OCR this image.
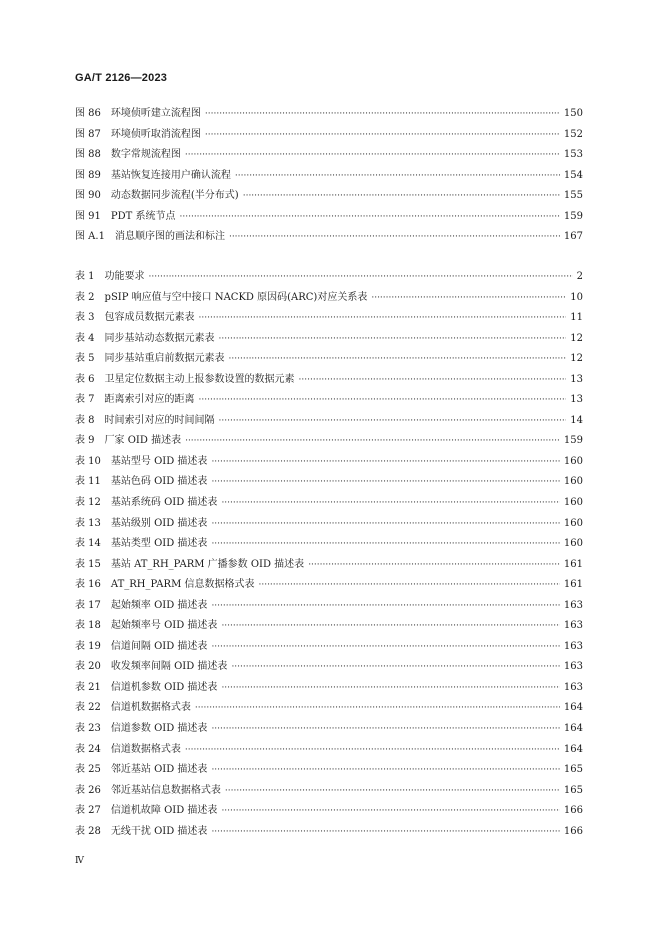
GA/T 2126—2023
图 86 环境侦听建立流程图 ·····	150
图 87 环境侦听取消流程图 ·····	152
图 88 数字常规流程图 ·····	153
图 89 基站恢复连接用户确认流程 ·····	154
图 90 动态数据同步流程(半分布式) ·····	155
图 91 PDT 系统节点 ·····	159
图 A.1 消息顺序图的画法和标注 ·····	167
表 1 功能要求 ·····	2
表 2 pSIP 响应值与空中接口 NACKD 原因码(ARC)对应关系表 ·····	10
表 3 包容成员数据元素表 ·····	11
表 4 同步基站动态数据元素表 ·····	12
表 5 同步基站重启前数据元素表 ·····	12
表 6 卫星定位数据主动上报参数设置的数据元素 ·····	13
表 7 距离索引对应的距离 ·····	13
表 8 时间索引对应的时间间隔 ·····	14
表 9 厂家 OID 描述表 ·····	159
表 10 基站型号 OID 描述表 ·····	160
表 11 基站色码 OID 描述表 ·····	160
表 12 基站系统码 OID 描述表 ·····	160
表 13 基站级别 OID 描述表 ·····	160
表 14 基站类型 OID 描述表 ·····	160
表 15 基站 AT_RH_PARM 广播参数 OID 描述表 ·····	161
表 16 AT_RH_PARM 信息数据格式表 ·····	161
表 17 起始频率 OID 描述表 ·····	163
表 18 起始频率号 OID 描述表 ·····	163
表 19 信道间隔 OID 描述表 ·····	163
表 20 收发频率间隔 OID 描述表 ·····	163
表 21 信道机参数 OID 描述表 ·····	163
表 22 信道机数据格式表 ·····	164
表 23 信道参数 OID 描述表 ·····	164
表 24 信道数据格式表 ·····	164
表 25 邻近基站 OID 描述表 ·····	165
表 26 邻近基站信息数据格式表 ·····	165
表 27 信道机故障 OID 描述表 ·····	166
表 28 无线干扰 OID 描述表 ·····	166
Ⅳ
